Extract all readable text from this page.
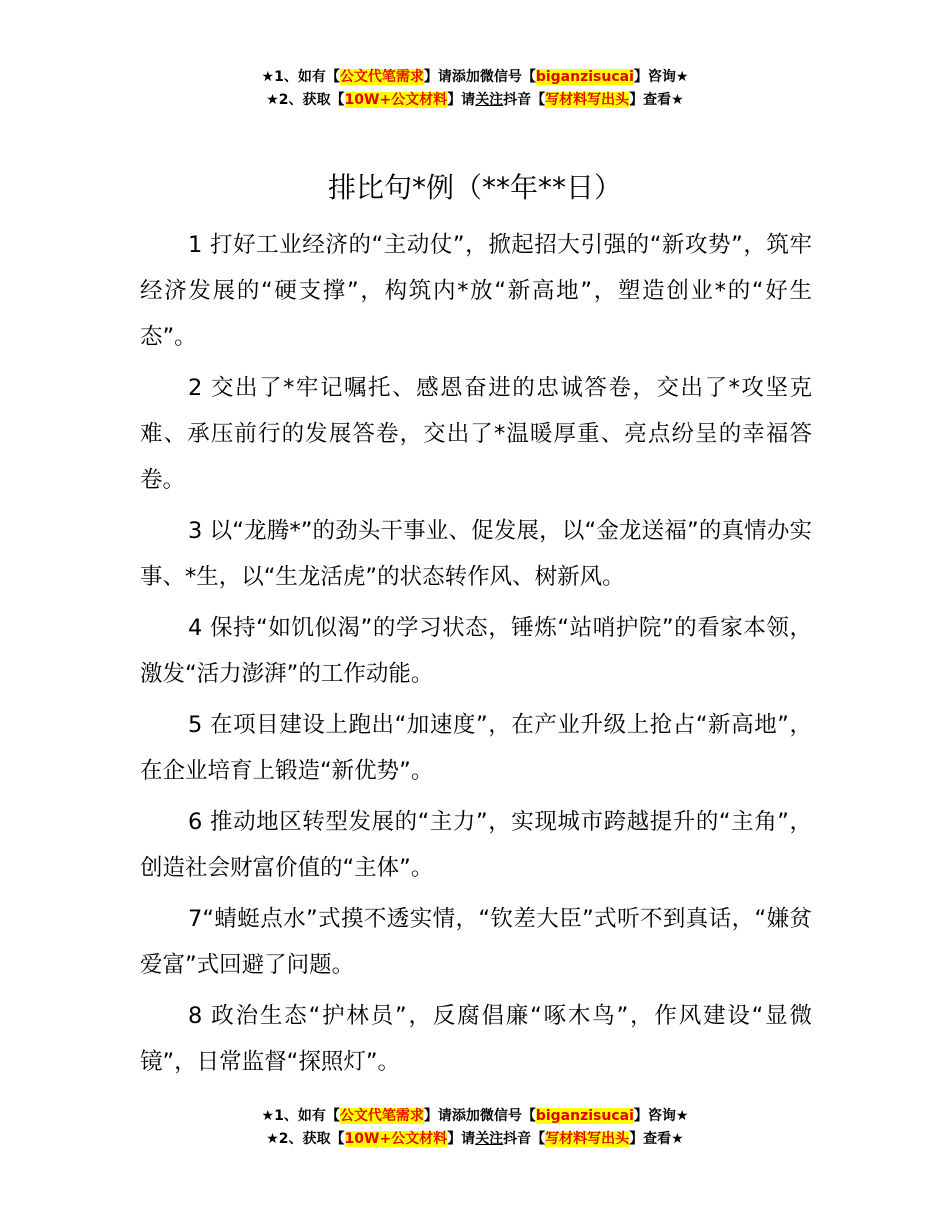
★1、如有【公文代笔需求】请添加微信号【biganzisucai】咨询★
★2、获取【10W+公文材料】请关注抖音【写材料写出头】查看★
排比句*例（**年**日）

1 打好工业经济的“主动仗”，掀起招大引强的“新攻势”，筑牢经济发展的“硬支撑”，构筑内*放“新高地”，塑造创业*的“好生态”。

2 交出了*牢记嘱托、感恩奋进的忠诚答卷，交出了*攻坚克难、承压前行的发展答卷，交出了*温暖厚重、亮点纷呈的幸福答卷。

3 以“龙腾*”的劲头干事业、促发展，以“金龙送福”的真情办实事、*生，以“生龙活虎”的状态转作风、树新风。

4 保持“如饥似渴”的学习状态，锤炼“站哨护院”的看家本领，激发“活力澎湃”的工作动能。

5 在项目建设上跑出“加速度”，在产业升级上抢占“新高地”，在企业培育上锻造“新优势”。

6 推动地区转型发展的“主力”，实现城市跨越提升的“主角”，创造社会财富价值的“主体”。

7“蜻蜓点水”式摸不透实情，“钦差大臣”式听不到真话，“嫌贫爱富”式回避了问题。

8 政治生态“护林员”，反腐倡廉“啄木鸟”，作风建设“显微镜”，日常监督“探照灯”。

★1、如有【公文代笔需求】请添加微信号【biganzisucai】咨询★
★2、获取【10W+公文材料】请关注抖音【写材料写出头】查看★
